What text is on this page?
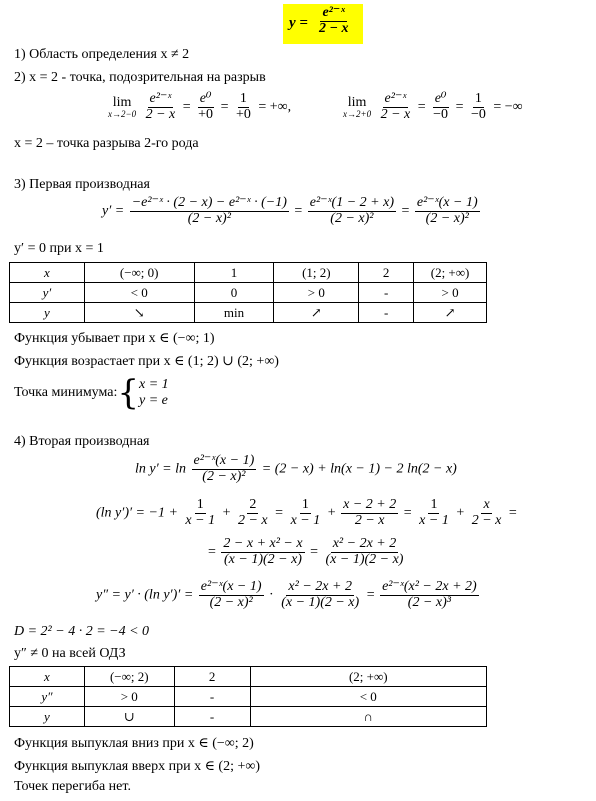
$y = \frac{\text{e²⁻ˣ}}{2 - x}$
1) Область определения x ≠ 2
2) x = 2 - точка, подозрительная на разрыв
lim
x→2−0
$\frac{\text{e²⁻ˣ}}{2 - x} = \frac{\text{e⁰}}{+0} = \frac{1}{+0}$ = +∞,	lim
x→2+0
$\frac{\text{e²⁻ˣ}}{2 - x} = \frac{\text{e⁰}}{-0} = \frac{1}{-0}$ = −∞
x = 2 – точка разрыва 2-го рода
3) Первая производная
$y' = \frac{\text{−e²⁻ˣ · (2 − x) − e²⁻ˣ · (−1)}}{\text{(2 − x)²}} = \frac{\text{e²⁻ˣ(1 − 2 + x)}}{\text{(2 − x)²}} = \frac{\text{e²⁻ˣ(x − 1)}}{\text{(2 − x)²}}$
y′ = 0 при x = 1
x	(−∞; 0)	1	(1; 2)	2	(2; +∞)
y′	< 0	0	> 0	-	> 0
y	↘	min	↗	-	↗
Функция убывает при x ∈ (−∞; 1)
Функция возрастает при x ∈ (1; 2) ∪ (2; +∞)
Точка минимума:{ x = 1
y = e
4) Вторая производная
$\ln y' = \ln \frac{\text{e²⁻ˣ(x − 1)}}{\text{(2 − x)²}} = (2 - x) + \ln(x - 1) - 2$ ln(2 − x)
(ln $y')' = -1 + \frac{1}{x - 1} + \frac{2}{2 - x} = \frac{1}{x - 1} + \frac{x - 2 + 2}{2 - x} = \frac{1}{x - 1} + \frac{x}{2 - x}$ =
= $\frac{\text{2 − x + x² − x}}{(x - 1)(2 - x)} = \frac{\text{x² − 2x + 2}}{(x - 1)(2 - x)}$
y″ = y′ · (ln $y')' = \frac{\text{e²⁻ˣ(x − 1)}}{\text{(2 − x)²}} \cdot \frac{\text{x² − 2x + 2}}{(x - 1)(2 - x)} = \frac{\text{e²⁻ˣ(x² − 2x + 2)}}{\text{(2 − x)³}}$
D = 2² − 4 · 2 = −4 < 0
y″ ≠ 0 на всей ОДЗ
x	(−∞; 2)	2	(2; +∞)
y″	> 0	-	< 0
y	∪	-	∩
Функция выпуклая вниз при x ∈ (−∞; 2)
Функция выпуклая вверх при x ∈ (2; +∞)
Точек перегиба нет.
